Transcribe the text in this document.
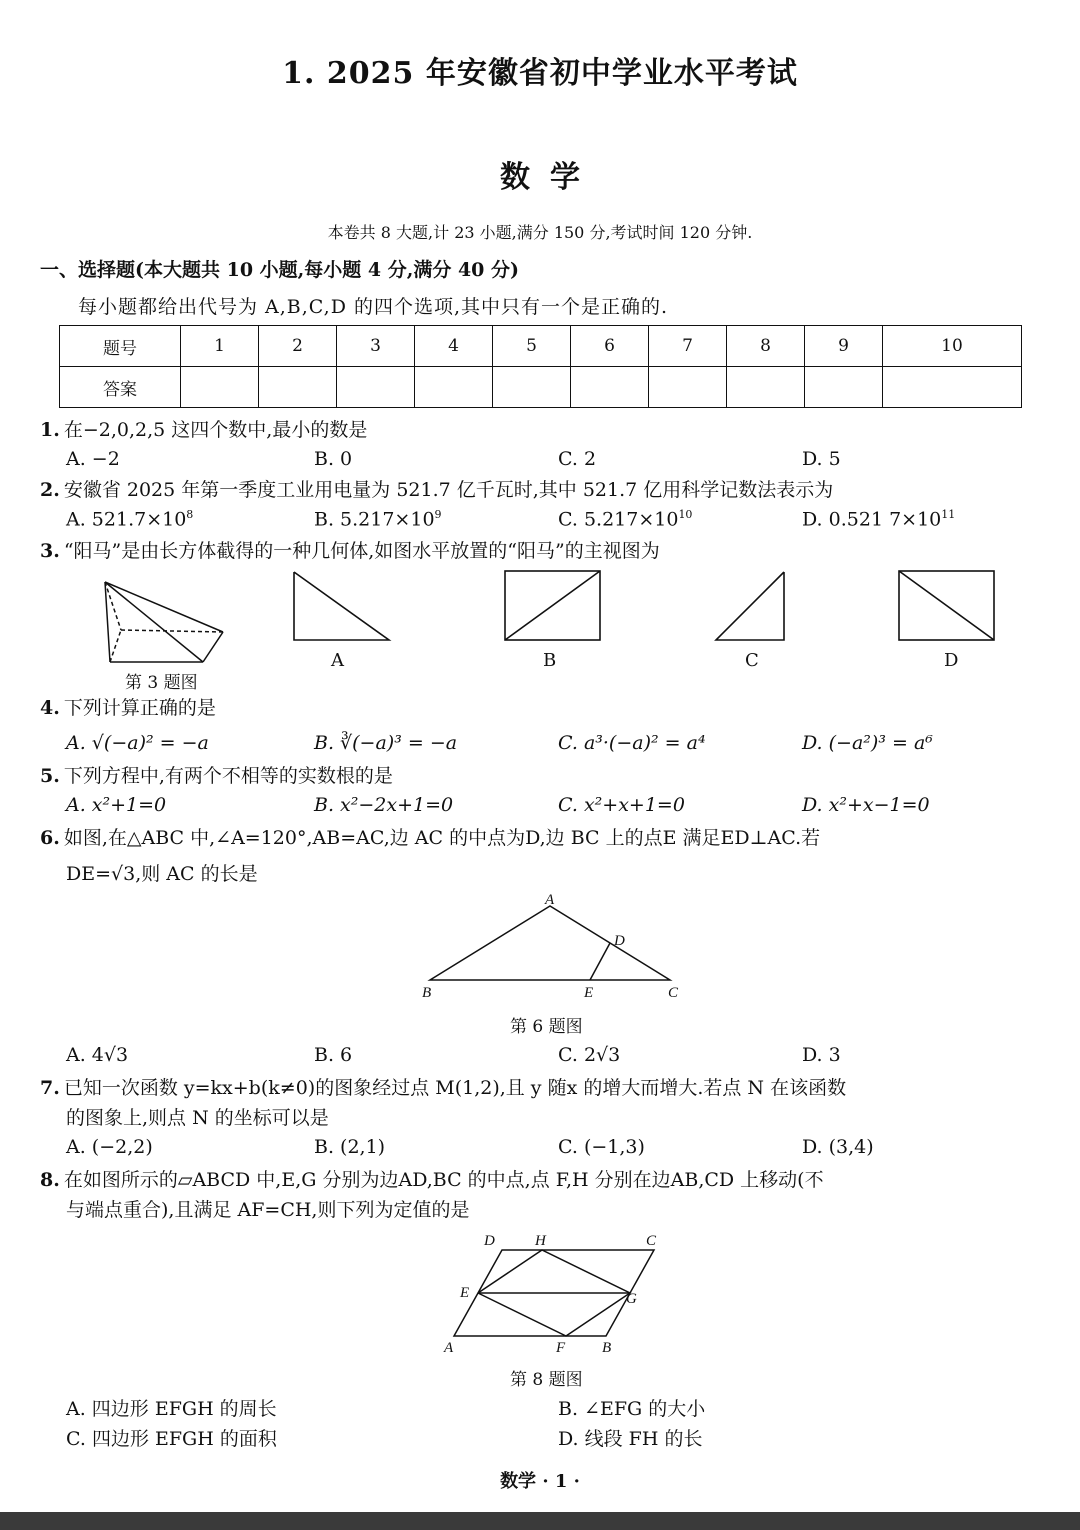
1. 2025 年安徽省初中学业水平考试
数 学
本卷共 8 大题,计 23 小题,满分 150 分,考试时间 120 分钟.
一、选择题(本大题共 10 小题,每小题 4 分,满分 40 分)
每小题都给出代号为 A,B,C,D 的四个选项,其中只有一个是正确的.
题号	1	2	3	4	5	6	7	8	9	10
答案										
1. 在−2,0,2,5 这四个数中,最小的数是
A. −2	B. 0	C. 2	D. 5
2. 安徽省 2025 年第一季度工业用电量为 521.7 亿千瓦时,其中 521.7 亿用科学记数法表示为
A. $521.7\times 10^8$	B. $5.217\times 10^9$	C. $5.217\times 10^{10}$	D. 0.521 $7\times 10^{11}$
3. “阳马”是由长方体截得的一种几何体,如图水平放置的“阳马”的主视图为
第 3 题图
A	B	C	D
4. 下列计算正确的是
A. √(−a)² = −a	B. ∛(−a)³ = −a	C. a³·(−a)² = a⁴	D. (−a²)³ = a⁶
5. 下列方程中,有两个不相等的实数根的是
A. x²+1=0	B. x²−2x+1=0	C. x²+x+1=0	D. x²+x−1=0
6. 如图,在△ABC 中,∠A=120°,AB=AC,边 AC 的中点为D,边 BC 上的点E 满足ED⊥AC.若
DE=√3,则 AC 的长是
A
B	C
D
E
第 6 题图
A. 4√3	B. 6	C. 2√3	D. 3
7. 已知一次函数 y=kx+b(k≠0)的图象经过点 M(1,2),且 y 随x 的增大而增大.若点 N 在该函数
的图象上,则点 N 的坐标可以是
A. (−2,2)	B. (2,1)	C. (−1,3)	D. (3,4)
8. 在如图所示的▱ABCD 中,E,G 分别为边AD,BC 的中点,点 F,H 分别在边AB,CD 上移动(不
与端点重合),且满足 AF=CH,则下列为定值的是
D	H	C
E	G
A	F B
第 8 题图
A. 四边形 EFGH 的周长	B. ∠EFG 的大小
C. 四边形 EFGH 的面积	D. 线段 FH 的长
数学 · 1 ·
